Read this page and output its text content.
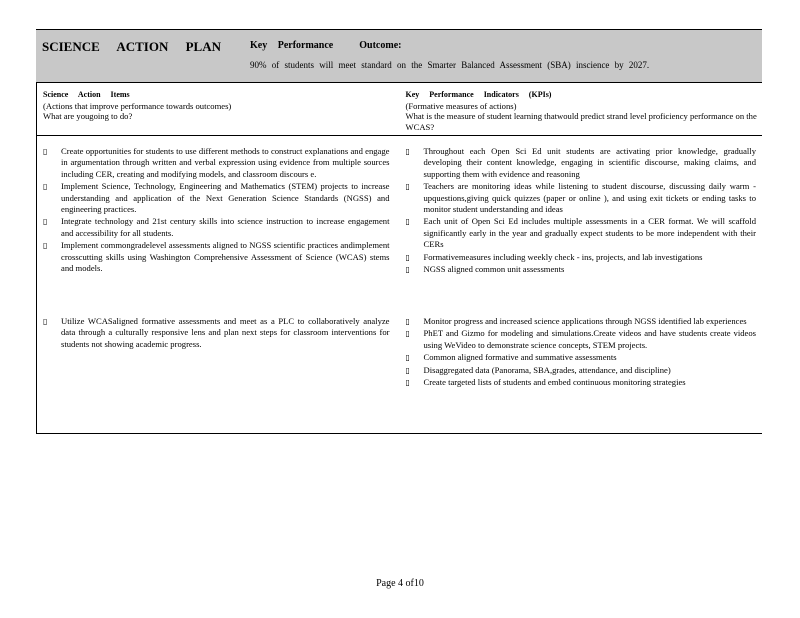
SCIENCE ACTION PLAN	Key Performance	Outcome:
90% of students will meet standard on the Smarter Balanced Assessment (SBA) inscience by 2027.
Science Action Items
(Actions that improve performance towards outcomes)
What are yougoing to do?
Key Performance Indicators (KPIs)
(Formative measures of actions)
What is the measure of student learning thatwould predict strand level proficiency performance on the WCAS?
▯ Create opportunities for students to use different methods to construct explanations and engage in argumentation through written and verbal expression using evidence from multiple sources including CER, creating and modifying models, and classroom discours e.
▯ Implement Science, Technology, Engineering and Mathematics (STEM) projects to increase understanding and application of the Next Generation Science Standards (NGSS) and engineering practices.
▯ Integrate technology and 21st century skills into science instruction to increase engagement and accessibility for all students.
▯ Implement commongradelevel assessments aligned to NGSS scientific practices andimplement crosscutting skills using Washington Comprehensive Assessment of Science (WCAS) stems and models.
▯ Throughout each Open Sci Ed unit students are activating prior knowledge, gradually developing their content knowledge, engaging in scientific discourse, making claims, and supporting them with evidence and reasoning
▯ Teachers are monitoring ideas while listening to student discourse, discussing daily warm -upquestions,giving quick quizzes (paper or online ), and using exit tickets or ending tasks to monitor student understanding and ideas
▯ Each unit of Open Sci Ed includes multiple assessments in a CER format. We will scaffold significantly early in the year and gradually expect students to be more independent with their CERs
▯ Formativemeasures including weekly check - ins, projects, and lab investigations
▯ NGSS aligned common unit assessments
▯ Utilize WCASaligned formative assessments and meet as a PLC to collaboratively analyze data through a culturally responsive lens and plan next steps for classroom interventions for students not showing academic progress.
▯ Monitor progress and increased science applications through NGSS identified lab experiences
▯ PhET and Gizmo for modeling and simulations.Create videos and have students create videos using WeVideo to demonstrate science concepts, STEM projects.
▯ Common aligned formative and summative assessments
▯ Disaggregated data (Panorama, SBA,grades, attendance, and discipline)
▯ Create targeted lists of students and embed continuous monitoring strategies
Page 4 of10
